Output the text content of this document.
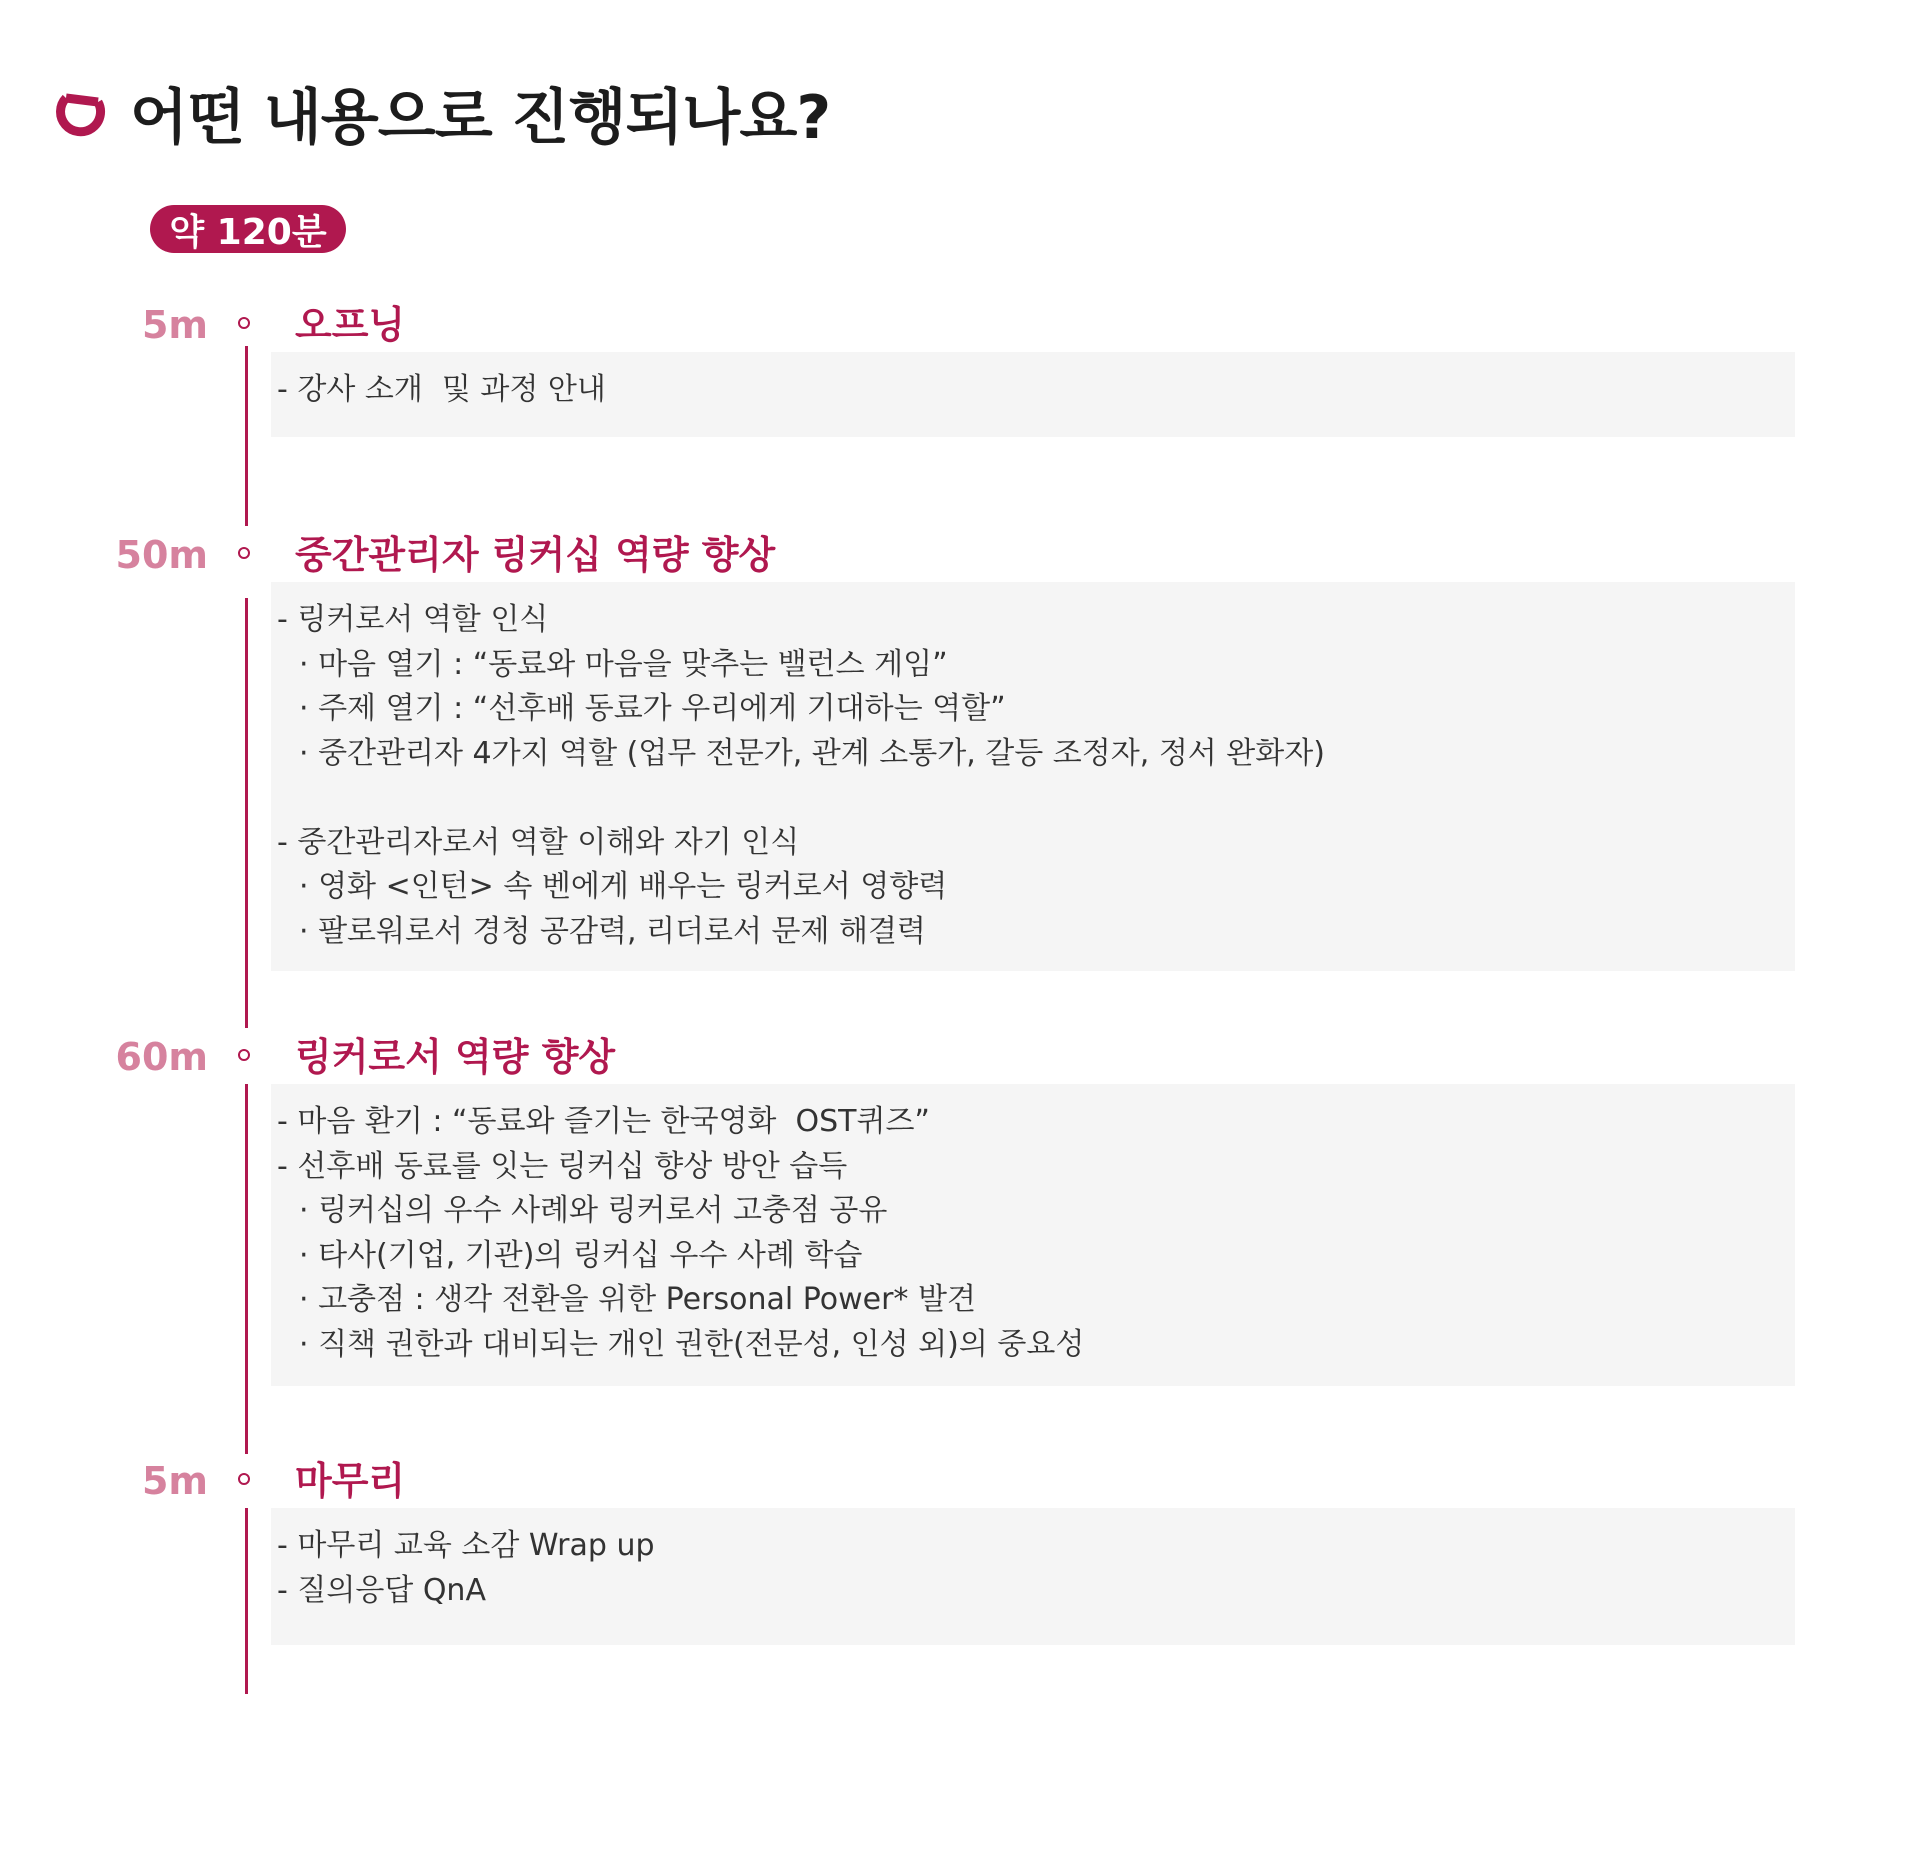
어떤 내용으로 진행되나요?
약 120분
5m 오프닝
- 강사 소개  및 과정 안내
50m 중간관리자 링커십 역량 향상
- 링커로서 역할 인식
· 마음 열기 : “동료와 마음을 맞추는 밸런스 게임”
· 주제 열기 : “선후배 동료가 우리에게 기대하는 역할”
· 중간관리자 4가지 역할 (업무 전문가, 관계 소통가, 갈등 조정자, 정서 완화자)
- 중간관리자로서 역할 이해와 자기 인식
· 영화 <인턴> 속 벤에게 배우는 링커로서 영향력
· 팔로워로서 경청 공감력, 리더로서 문제 해결력
60m 링커로서 역량 향상
- 마음 환기 : “동료와 즐기는 한국영화  OST퀴즈”
- 선후배 동료를 잇는 링커십 향상 방안 습득
· 링커십의 우수 사례와 링커로서 고충점 공유
· 타사(기업, 기관)의 링커십 우수 사례 학습
· 고충점 : 생각 전환을 위한 Personal Power* 발견
· 직책 권한과 대비되는 개인 권한(전문성, 인성 외)의 중요성
5m 마무리
- 마무리 교육 소감 Wrap up
- 질의응답 QnA
